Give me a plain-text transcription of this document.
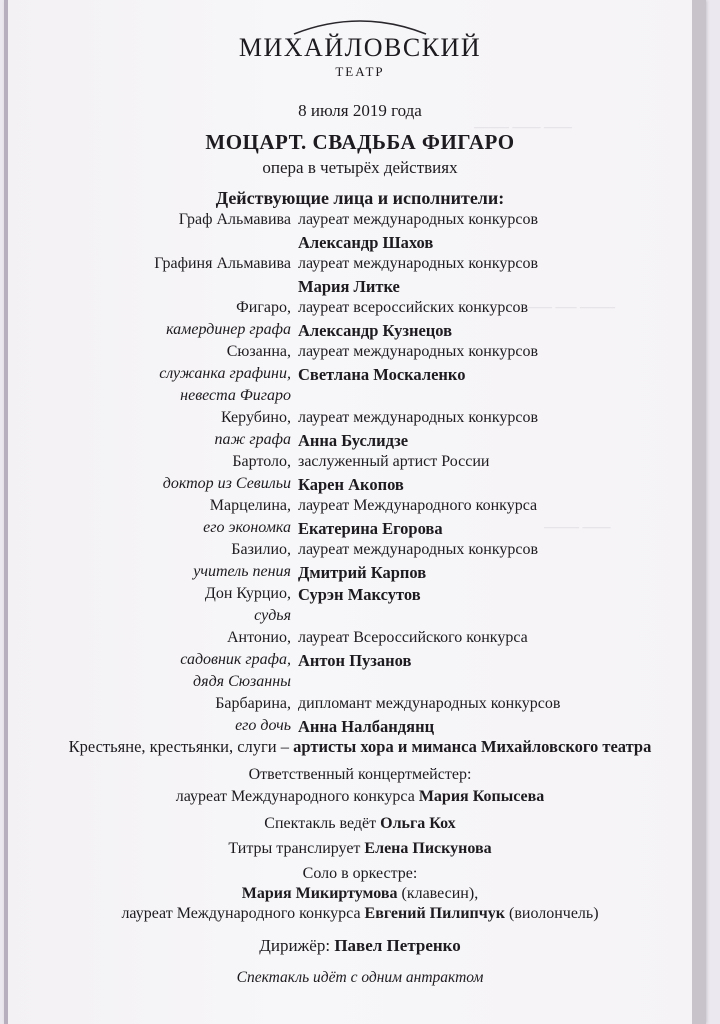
–––– –––– –––––
––––– ––– ––––
–––– –––––
МИХАЙЛОВСКИЙ
ТЕАТР
8 июля 2019 года
МОЦАРТ. СВАДЬБА ФИГАРО
опера в четырёх действиях
Действующие лица и исполнители:
Граф Альмавива лауреат международных конкурсов
Александр Шахов
Графиня Альмавива лауреат международных конкурсов
Мария Литке
Фигаро, лауреат всероссийских конкурсов
камердинер графа Александр Кузнецов
Сюзанна, лауреат международных конкурсов
служанка графини, Светлана Москаленко
невеста Фигаро
Керубино, лауреат международных конкурсов
паж графа Анна Буслидзе
Бартоло, заслуженный артист России
доктор из Севильи Карен Акопов
Марцелина, лауреат Международного конкурса
его экономка Екатерина Егорова
Базилио, лауреат международных конкурсов
учитель пения Дмитрий Карпов
Дон Курцио, Сурэн Максутов
судья
Антонио, лауреат Всероссийского конкурса
садовник графа, Антон Пузанов
дядя Сюзанны
Барбарина, дипломант международных конкурсов
его дочь Анна Налбандянц
Крестьяне, крестьянки, слуги – артисты хора и миманса Михайловского театра
Ответственный концертмейстер:
лауреат Международного конкурса Мария Копысева
Спектакль ведёт Ольга Кох
Титры транслирует Елена Пискунова
Соло в оркестре:
Мария Микиртумова (клавесин),
лауреат Международного конкурса Евгений Пилипчук (виолончель)
Дирижёр: Павел Петренко
Спектакль идёт с одним антрактом
